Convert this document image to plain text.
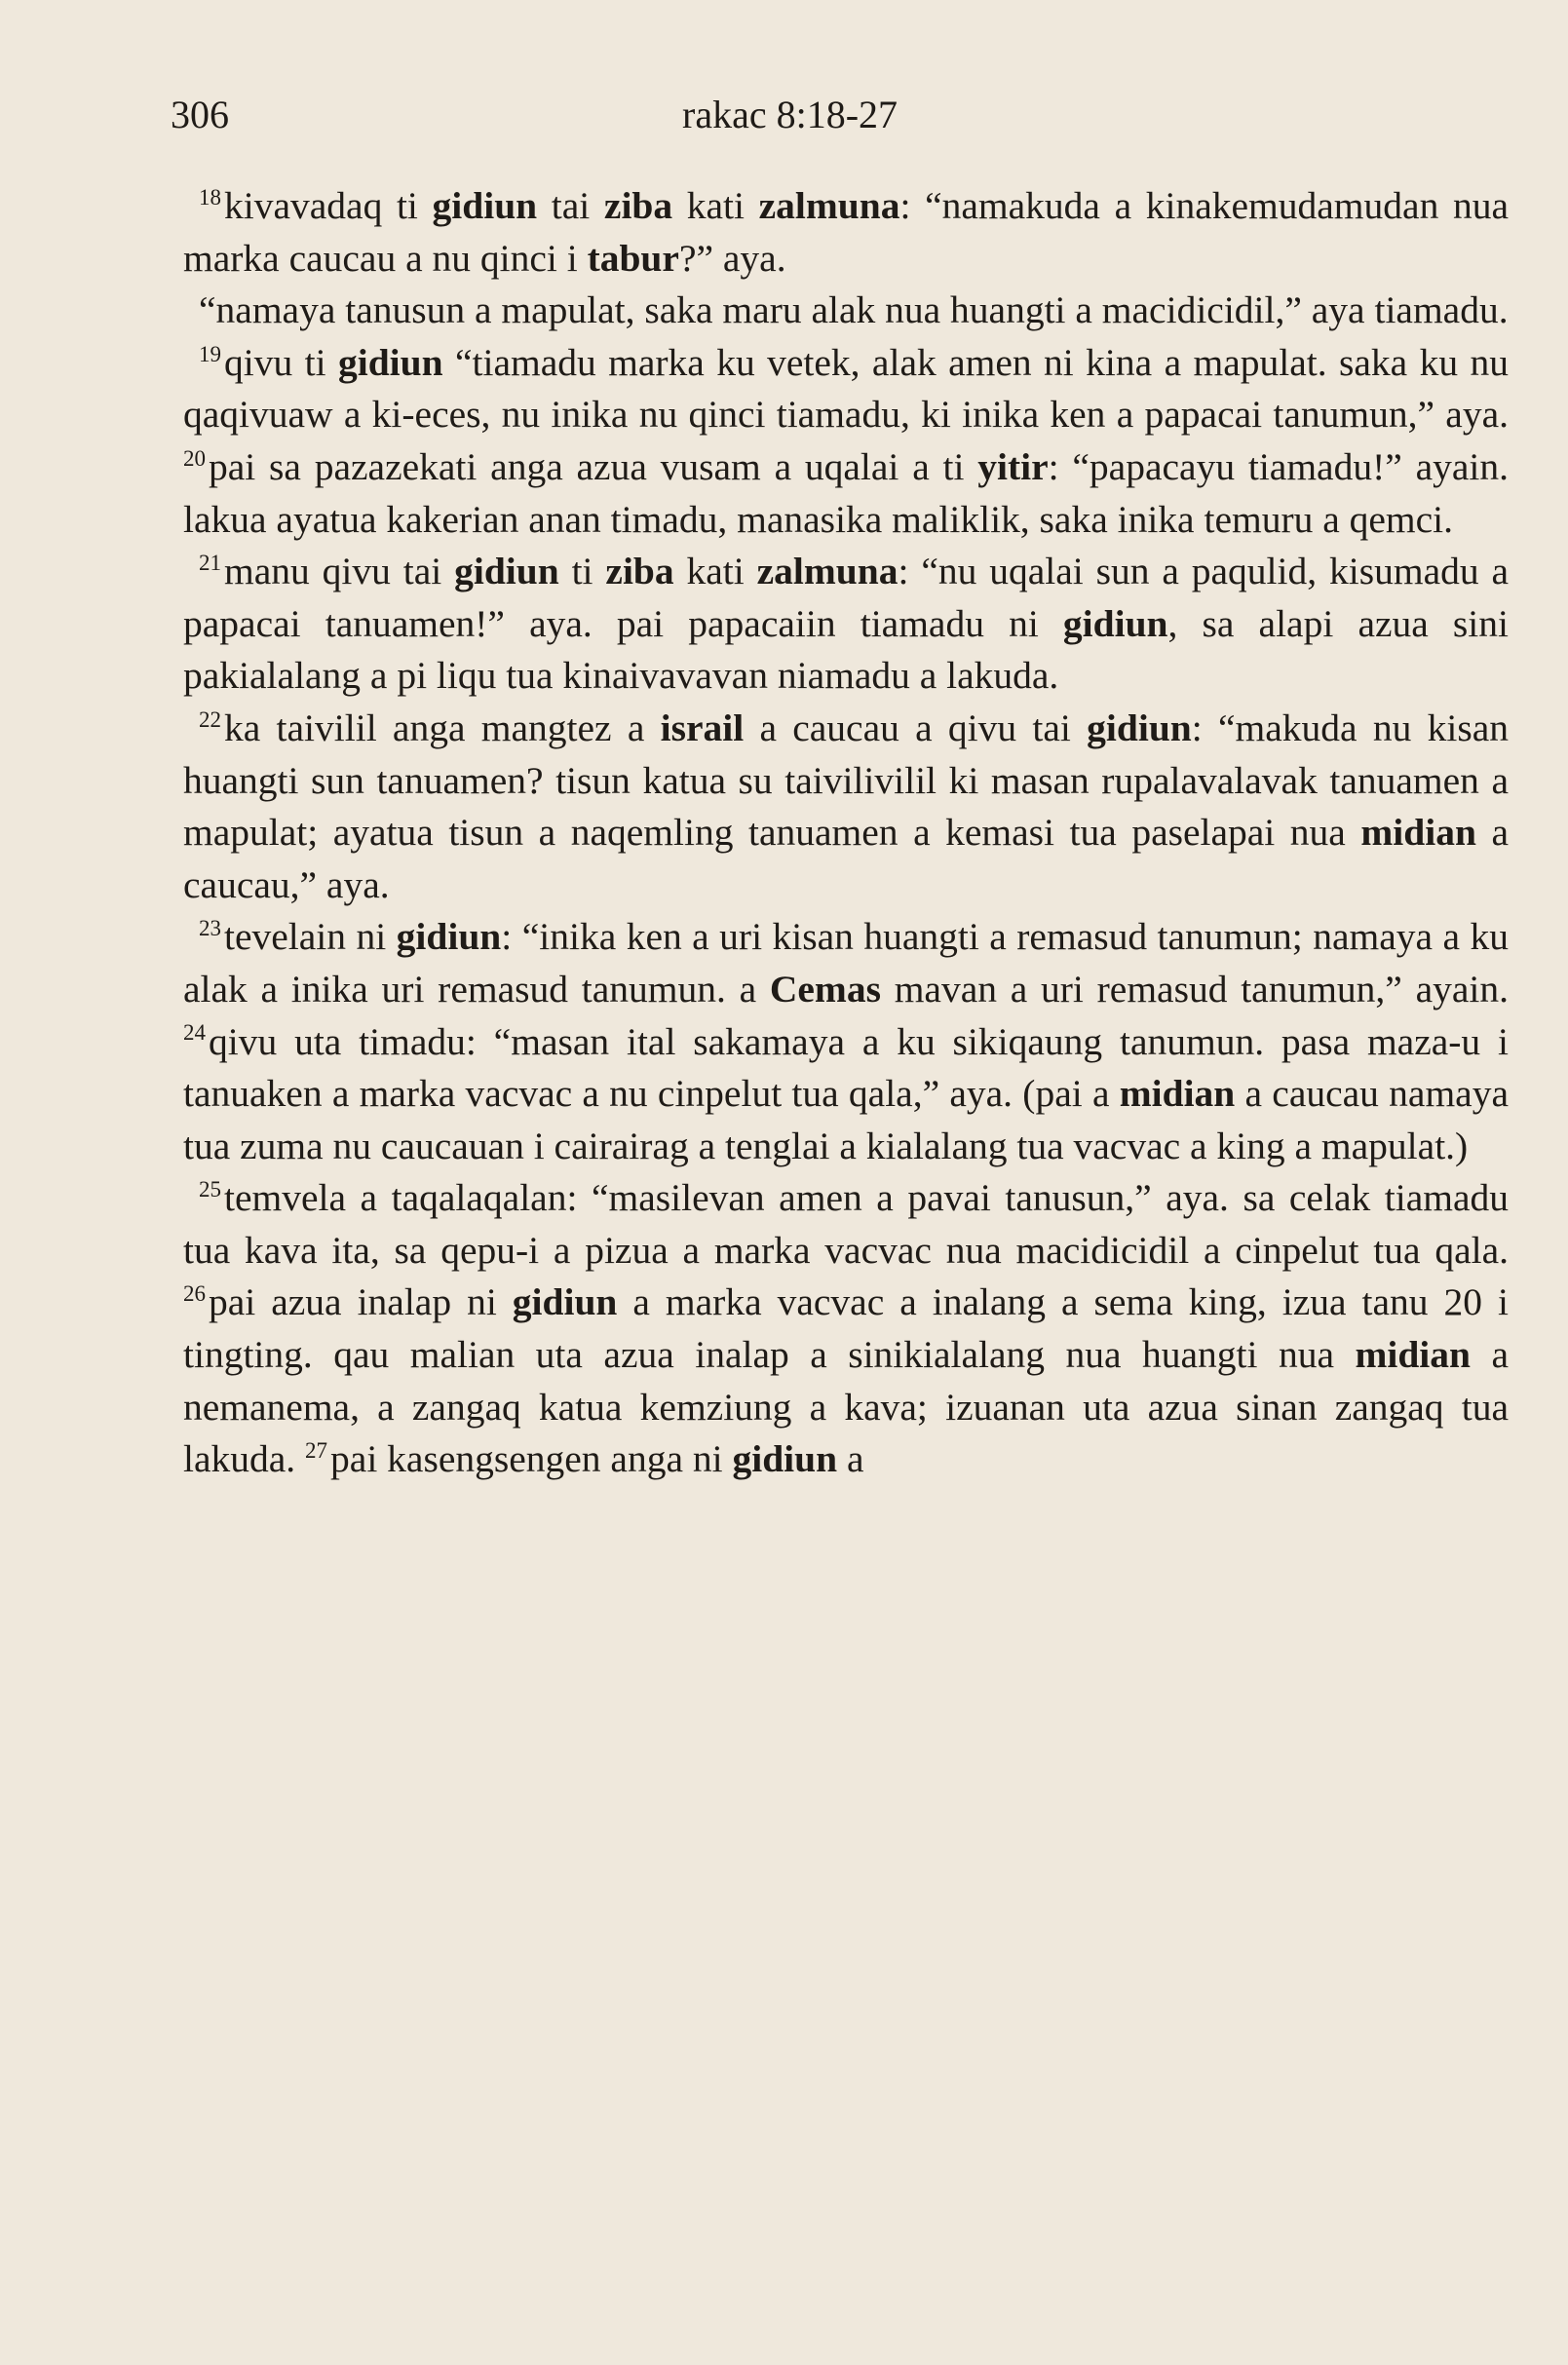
306	rakac 8:18-27

$^{18}$kivavadaq ti gidiun tai ziba kati zalmuna: “namakuda a kinakemudamudan nua marka caucau a nu qinci i tabur?” aya.

“namaya tanusun a mapulat, saka maru alak nua huangti a macidicidil,” aya tiamadu.

$^{19}$qivu ti gidiun “tiamadu marka ku vetek, alak amen ni kina a mapulat. saka ku nu qaqivuaw a ki-eces, nu inika nu qinci tiamadu, ki inika ken a papacai tanumun,” aya. $^{20}$pai sa pazazekati anga azua vusam a uqalai a ti yitir: “papacayu tiamadu!” ayain. lakua ayatua kakerian anan timadu, manasika maliklik, saka inika temuru a qemci.

$^{21}$manu qivu tai gidiun ti ziba kati zalmuna: “nu uqalai sun a paqulid, kisumadu a papacai tanuamen!” aya. pai papacaiin tiamadu ni gidiun, sa alapi azua sini pakialalang a pi liqu tua kinaivavavan niamadu a lakuda.

$^{22}$ka taivilil anga mangtez a israil a caucau a qivu tai gidiun: “makuda nu kisan huangti sun tanuamen? tisun katua su taivilivilil ki masan rupalavalavak tanuamen a mapulat; ayatua tisun a naqemling tanuamen a kemasi tua paselapai nua midian a caucau,” aya.

$^{23}$tevelain ni gidiun: “inika ken a uri kisan huangti a remasud tanumun; namaya a ku alak a inika uri remasud tanumun. a Cemas mavan a uri remasud tanumun,” ayain. $^{24}$qivu uta timadu: “masan ital sakamaya a ku sikiqaung tanumun. pasa maza-u i tanuaken a marka vacvac a nu cinpelut tua qala,” aya. (pai a midian a caucau namaya tua zuma nu caucauan i cairairag a tenglai a kialalang tua vacvac a king a mapulat.)

$^{25}$temvela a taqalaqalan: “masilevan amen a pavai tanusun,” aya. sa celak tiamadu tua kava ita, sa qepu-i a pizua a marka vacvac nua macidicidil a cinpelut tua qala. $^{26}$pai azua inalap ni gidiun a marka vacvac a inalang a sema king, izua tanu 20 i tingting. qau malian uta azua inalap a sinikialalang nua huangti nua midian a nemanema, a zangaq katua kemziung a kava; izuanan uta azua sinan zangaq tua lakuda. $^{27}$pai kasengsengen anga ni gidiun a
